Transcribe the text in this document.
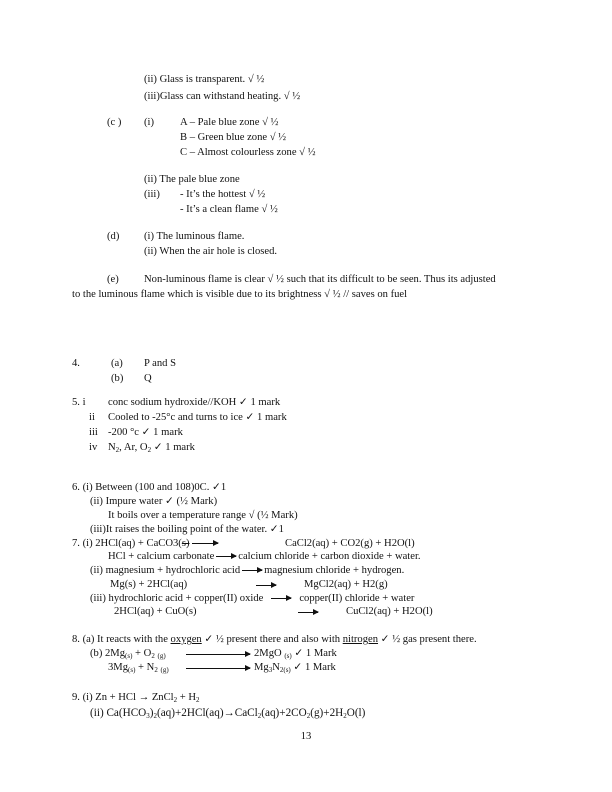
(ii) Glass is transparent. √ ½
(iii)Glass can withstand heating. √ ½
(c ) (i) A – Pale blue zone √ ½
B – Green blue zone √ ½
C – Almost colourless zone √ ½
(ii) The pale blue zone
(iii) - It’s the hottest √ ½
- It’s a clean flame √ ½
(d) (i) The luminous flame.
(ii) When the air hole is closed.
(e) Non-luminous flame is clear √ ½ such that its difficult to be seen. Thus its adjusted
to the luminous flame which is visible due to its brightness √ ½ // saves on fuel
4.	(a) P and S
(b) Q
5. i conc sodium hydroxide//KOH ✓ 1 mark
ii Cooled to -25°c and turns to ice ✓ 1 mark
iii -200 °c ✓ 1 mark
iv $N_2$, Ar, $O_2$ ✓ 1 mark
6. (i) Between (100 and 108)0C. ✓1
(ii) Impure water ✓ (½ Mark)
It boils over a temperature range √ (½ Mark)
(iii)It raises the boiling point of the water. ✓1
7. (i) 2HCl(aq) + CaCO3(s)	CaCl2(aq) + CO2(g) + H2O(l)
HCl + calcium carbonate calcium chloride + carbon dioxide + water.
(ii) magnesium + hydrochloric acid magnesium chloride + hydrogen.
Mg(s) + 2HCl(aq)	MgCl2(aq) + H2(g)
(iii) hydrochloric acid + copper(II) oxide	copper(II) chloride + water
2HCl(aq) + CuO(s)	CuCl2(aq) + H2O(l)
8. (a) It reacts with the oxygen ✓ ½ present there and also with nitrogen ✓ ½ gas present there.
(b) $2Mg_{(s)} + O_2$ $_{(g)}$	2MgO $_{(s)}$ ✓ 1 Mark
$3Mg_{(s)} + N_2$ $_{(g)}$	$Mg_3N_{2(s)}$ ✓ 1 Mark
9. (i) Zn + HCl → ZnCl$_2$ + $H_2$
(ii) $Ca(HCO_3)_2(aq)+2HCl(aq)\to CaCl_2(aq)+2CO_2(g)+2H_2O(l)$
13
